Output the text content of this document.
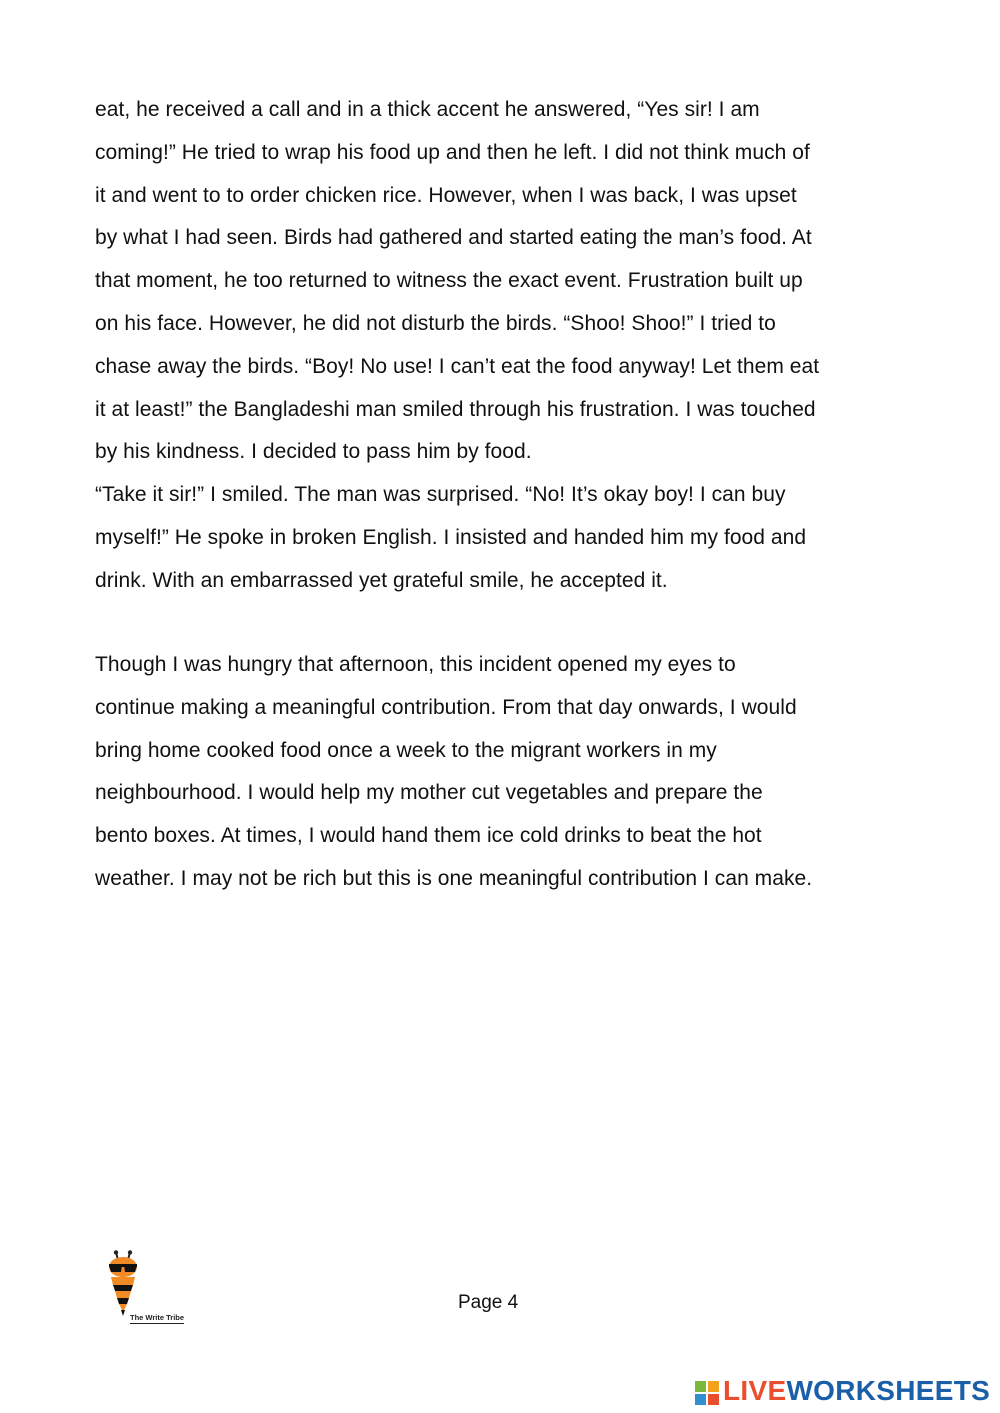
eat, he received a call and in a thick accent he answered, “Yes sir! I am
coming!” He tried to wrap his food up and then he left. I did not think much of
it and went to to order chicken rice. However, when I was back, I was upset
by what I had seen. Birds had gathered and started eating the man’s food. At
that moment, he too returned to witness the exact event. Frustration built up
on his face. However, he did not disturb the birds. “Shoo! Shoo!” I tried to
chase away the birds. “Boy! No use! I can’t eat the food anyway! Let them eat
it at least!” the Bangladeshi man smiled through his frustration. I was touched
by his kindness. I decided to pass him by food.
“Take it sir!” I smiled. The man was surprised. “No! It’s okay boy! I can buy
myself!” He spoke in broken English. I insisted and handed him my food and
drink. With an embarrassed yet grateful smile, he accepted it.
Though I was hungry that afternoon, this incident opened my eyes to
continue making a meaningful contribution. From that day onwards, I would
bring home cooked food once a week to the migrant workers in my
neighbourhood. I would help my mother cut vegetables and prepare the
bento boxes. At times, I would hand them ice cold drinks to beat the hot
weather. I may not be rich but this is one meaningful contribution I can make.
The Write Tribe
Page 4
LIVEWORKSHEETS
